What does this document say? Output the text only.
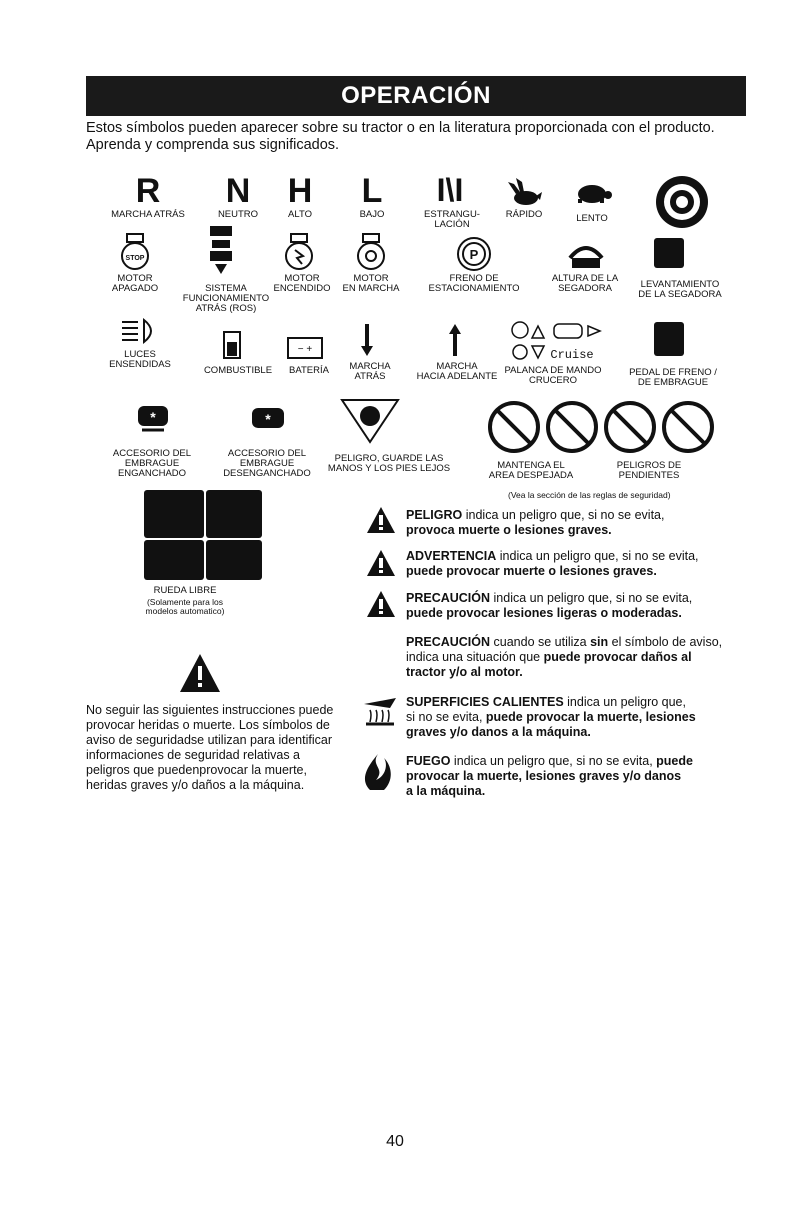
OPERACIÓN
Estos símbolos pueden aparecer sobre su tractor o en la literatura proporcionada con el producto.
Aprenda y comprenda sus significados.
R
MARCHA ATRÁS
N
NEUTRO
H
ALTO
L
BAJO
I\I
ESTRANGU-
LACIÓN
RÁPIDO	LENTO
STOP
MOTOR
APAGADO	SISTEMA
FUNCIONAMIENTO
ATRÁS (ROS)
MOTOR
ENCENDIDO
MOTOR
EN MARCHA
P
FRENO DE
ESTACIONAMIENTO
ALTURA DE LA
SEGADORA	LEVANTAMIENTO
DE LA SEGADORA
LUCES
ENSENDIDAS
COMBUSTIBLE
− +
BATERÍA	MARCHA
ATRÁS
MARCHA
HACIA ADELANTE
Cruise
PALANCA DE MANDO
CRUCERO
PEDAL DE FRENO /
DE EMBRAGUE
*
ACCESORIO DEL
EMBRAGUE
ENGANCHADO
*
ACCESORIO DEL
EMBRAGUE
DESENGANCHADO
PELIGRO, GUARDE LAS
MANOS Y LOS PIES LEJOS	MANTENGA EL
AREA DESPEJADA
PELIGROS DE
PENDIENTES
(Vea la sección de las reglas de seguridad)
RUEDA LIBRE
(Solamente para los
modelos automatico)
PELIGRO indica un peligro que, si no se evita,
provoca muerte o lesiones graves.
ADVERTENCIA indica un peligro que, si no se evita,
puede provocar muerte o lesiones graves.
PRECAUCIÓN indica un peligro que, si no se evita,
puede provocar lesiones ligeras o moderadas.
PRECAUCIÓN cuando se utiliza sin el símbolo de aviso,
indica una situación que puede provocar daños al
tractor y/o al motor.
SUPERFICIES CALIENTES indica un peligro que,
si no se evita, puede provocar la muerte, lesiones
graves y/o danos a la máquina.
FUEGO indica un peligro que, si no se evita, puede
provocar la muerte, lesiones graves y/o danos
a la máquina.
No seguir las siguientes instrucciones puede provocar heridas o muerte. Los símbolos de aviso de seguridadse utilizan para identificar informaciones de seguridad relativas a peligros que puedenprovocar la muerte, heridas graves y/o daños a la máquina.
40
